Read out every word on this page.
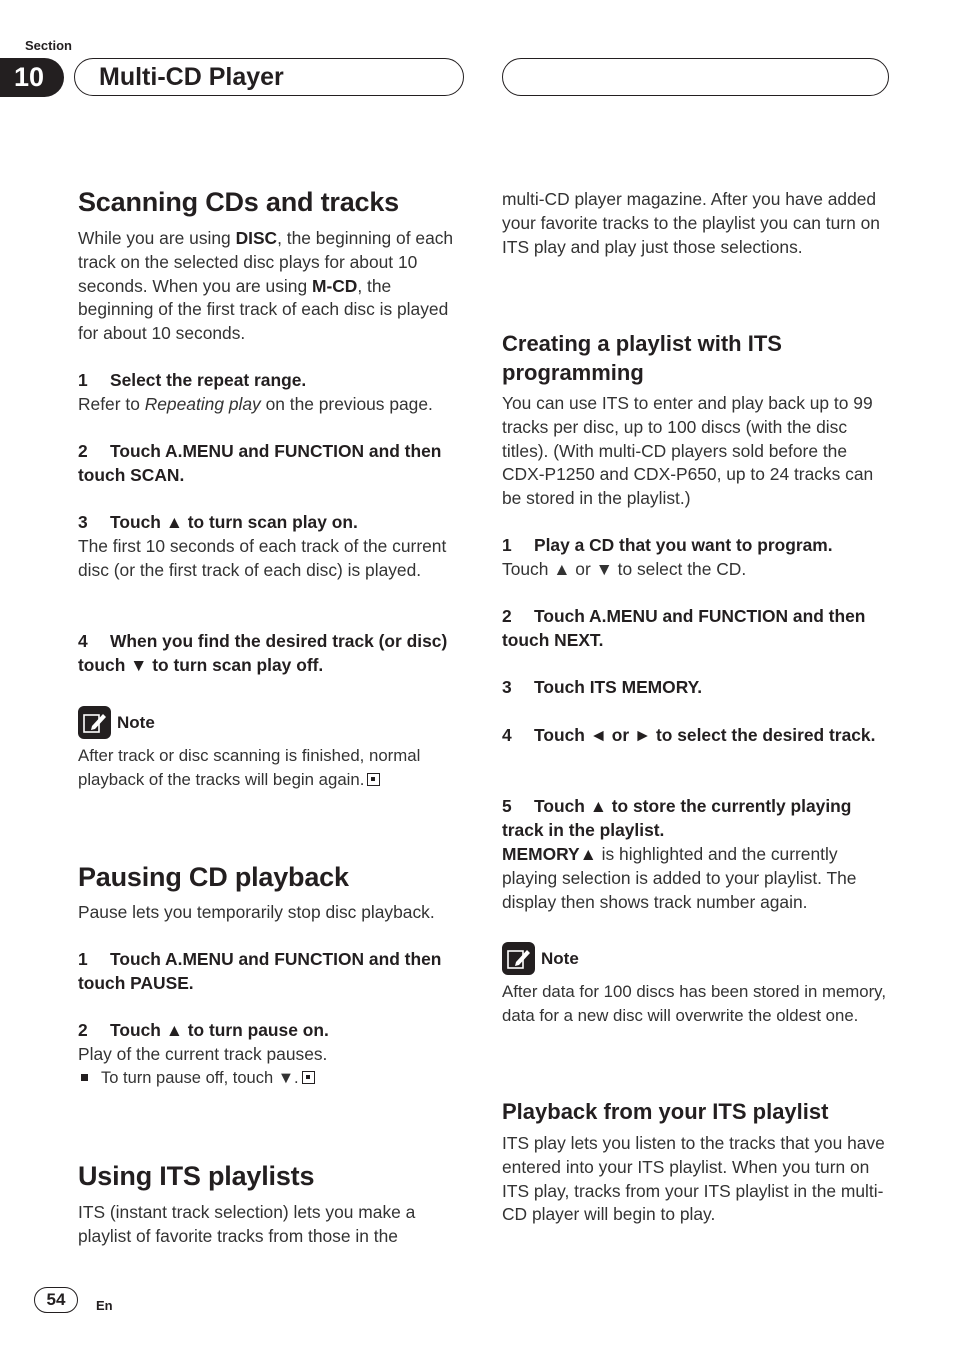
Section
10	Multi-CD Player
Scanning CDs and tracks

While you are using DISC, the beginning of each track on the selected disc plays for about 10 seconds. When you are using M-CD, the beginning of the first track of each disc is played for about 10 seconds.

1 Select the repeat range.

Refer to Repeating play on the previous page.

2 Touch A.MENU and FUNCTION and then touch SCAN.
3 Touch ▲ to turn scan play on.

The first 10 seconds of each track of the current disc (or the first track of each disc) is played.

4 When you find the desired track (or disc) touch ▼ to turn scan play off.
Note

After track or disc scanning is finished, normal playback of the tracks will begin again.

Pausing CD playback

Pause lets you temporarily stop disc playback.

1 Touch A.MENU and FUNCTION and then touch PAUSE.
2 Touch ▲ to turn pause on.

Play of the current track pauses.

To turn pause off, touch ▼.
Using ITS playlists

ITS (instant track selection) lets you make a playlist of favorite tracks from those in the

multi-CD player magazine. After you have added your favorite tracks to the playlist you can turn on ITS play and play just those selections.

Creating a playlist with ITS programming

You can use ITS to enter and play back up to 99 tracks per disc, up to 100 discs (with the disc titles). (With multi-CD players sold before the CDX-P1250 and CDX-P650, up to 24 tracks can be stored in the playlist.)

1 Play a CD that you want to program.

Touch ▲ or ▼ to select the CD.

2 Touch A.MENU and FUNCTION and then touch NEXT.
3 Touch ITS MEMORY.
4 Touch ◄ or ► to select the desired track.
5 Touch ▲ to store the currently playing track in the playlist.

MEMORY▲ is highlighted and the currently playing selection is added to your playlist. The display then shows track number again.

Note

After data for 100 discs has been stored in memory, data for a new disc will overwrite the oldest one.

Playback from your ITS playlist

ITS play lets you listen to the tracks that you have entered into your ITS playlist. When you turn on ITS play, tracks from your ITS playlist in the multi-CD player will begin to play.

54	En
